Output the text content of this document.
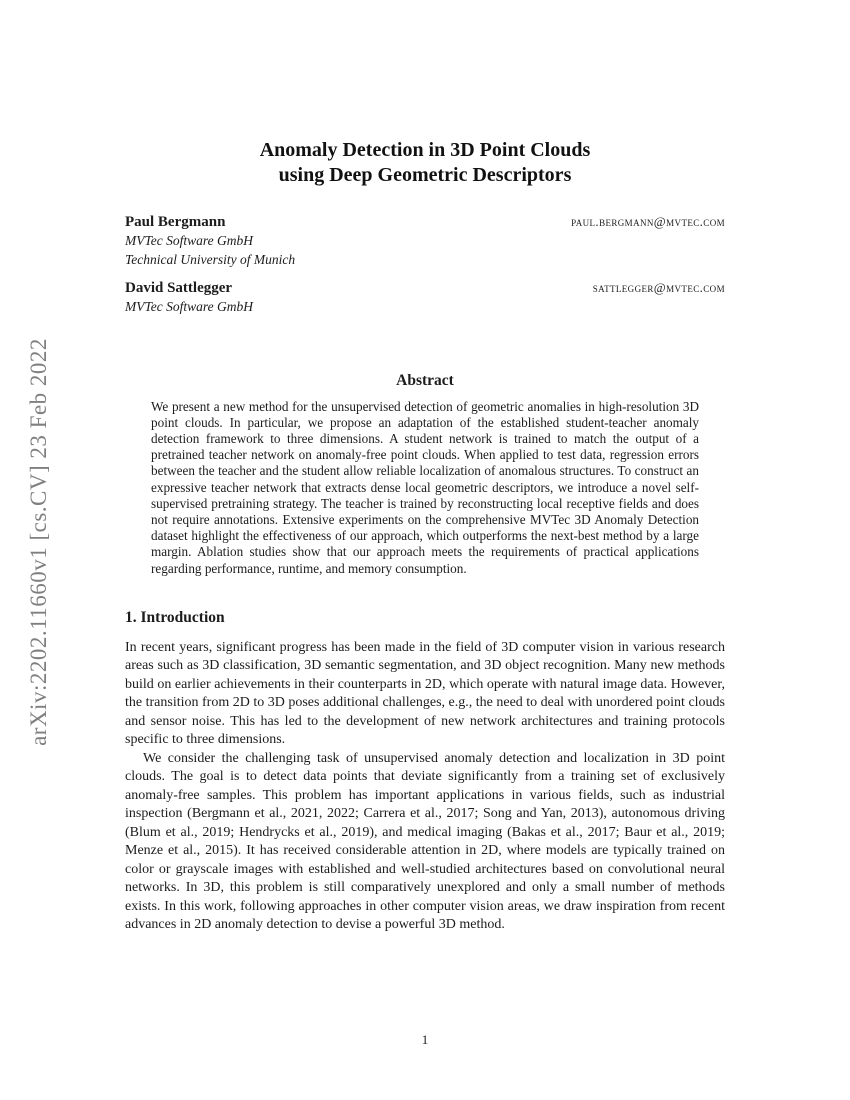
arXiv:2202.11660v1 [cs.CV] 23 Feb 2022
Anomaly Detection in 3D Point Clouds
using Deep Geometric Descriptors
Paul Bergmann	paul.bergmann@mvtec.com
MVTec Software GmbH
Technical University of Munich
David Sattlegger	sattlegger@mvtec.com
MVTec Software GmbH
Abstract

We present a new method for the unsupervised detection of geometric anomalies in high-resolution 3D point clouds. In particular, we propose an adaptation of the established student-teacher anomaly detection framework to three dimensions. A student network is trained to match the output of a pretrained teacher network on anomaly-free point clouds. When applied to test data, regression errors between the teacher and the student allow reliable localization of anomalous structures. To construct an expressive teacher network that extracts dense local geometric descriptors, we introduce a novel self-supervised pretraining strategy. The teacher is trained by reconstructing local receptive fields and does not require annotations. Extensive experiments on the comprehensive MVTec 3D Anomaly Detection dataset highlight the effectiveness of our approach, which outperforms the next-best method by a large margin. Ablation studies show that our approach meets the requirements of practical applications regarding performance, runtime, and memory consumption.

1. Introduction

In recent years, significant progress has been made in the field of 3D computer vision in various research areas such as 3D classification, 3D semantic segmentation, and 3D object recognition. Many new methods build on earlier achievements in their counterparts in 2D, which operate with natural image data. However, the transition from 2D to 3D poses additional challenges, e.g., the need to deal with unordered point clouds and sensor noise. This has led to the development of new network architectures and training protocols specific to three dimensions.

We consider the challenging task of unsupervised anomaly detection and localization in 3D point clouds. The goal is to detect data points that deviate significantly from a training set of exclusively anomaly-free samples. This problem has important applications in various fields, such as industrial inspection (Bergmann et al., 2021, 2022; Carrera et al., 2017; Song and Yan, 2013), autonomous driving (Blum et al., 2019; Hendrycks et al., 2019), and medical imaging (Bakas et al., 2017; Baur et al., 2019; Menze et al., 2015). It has received considerable attention in 2D, where models are typically trained on color or grayscale images with established and well-studied architectures based on convolutional neural networks. In 3D, this problem is still comparatively unexplored and only a small number of methods exists. In this work, following approaches in other computer vision areas, we draw inspiration from recent advances in 2D anomaly detection to devise a powerful 3D method.

1
